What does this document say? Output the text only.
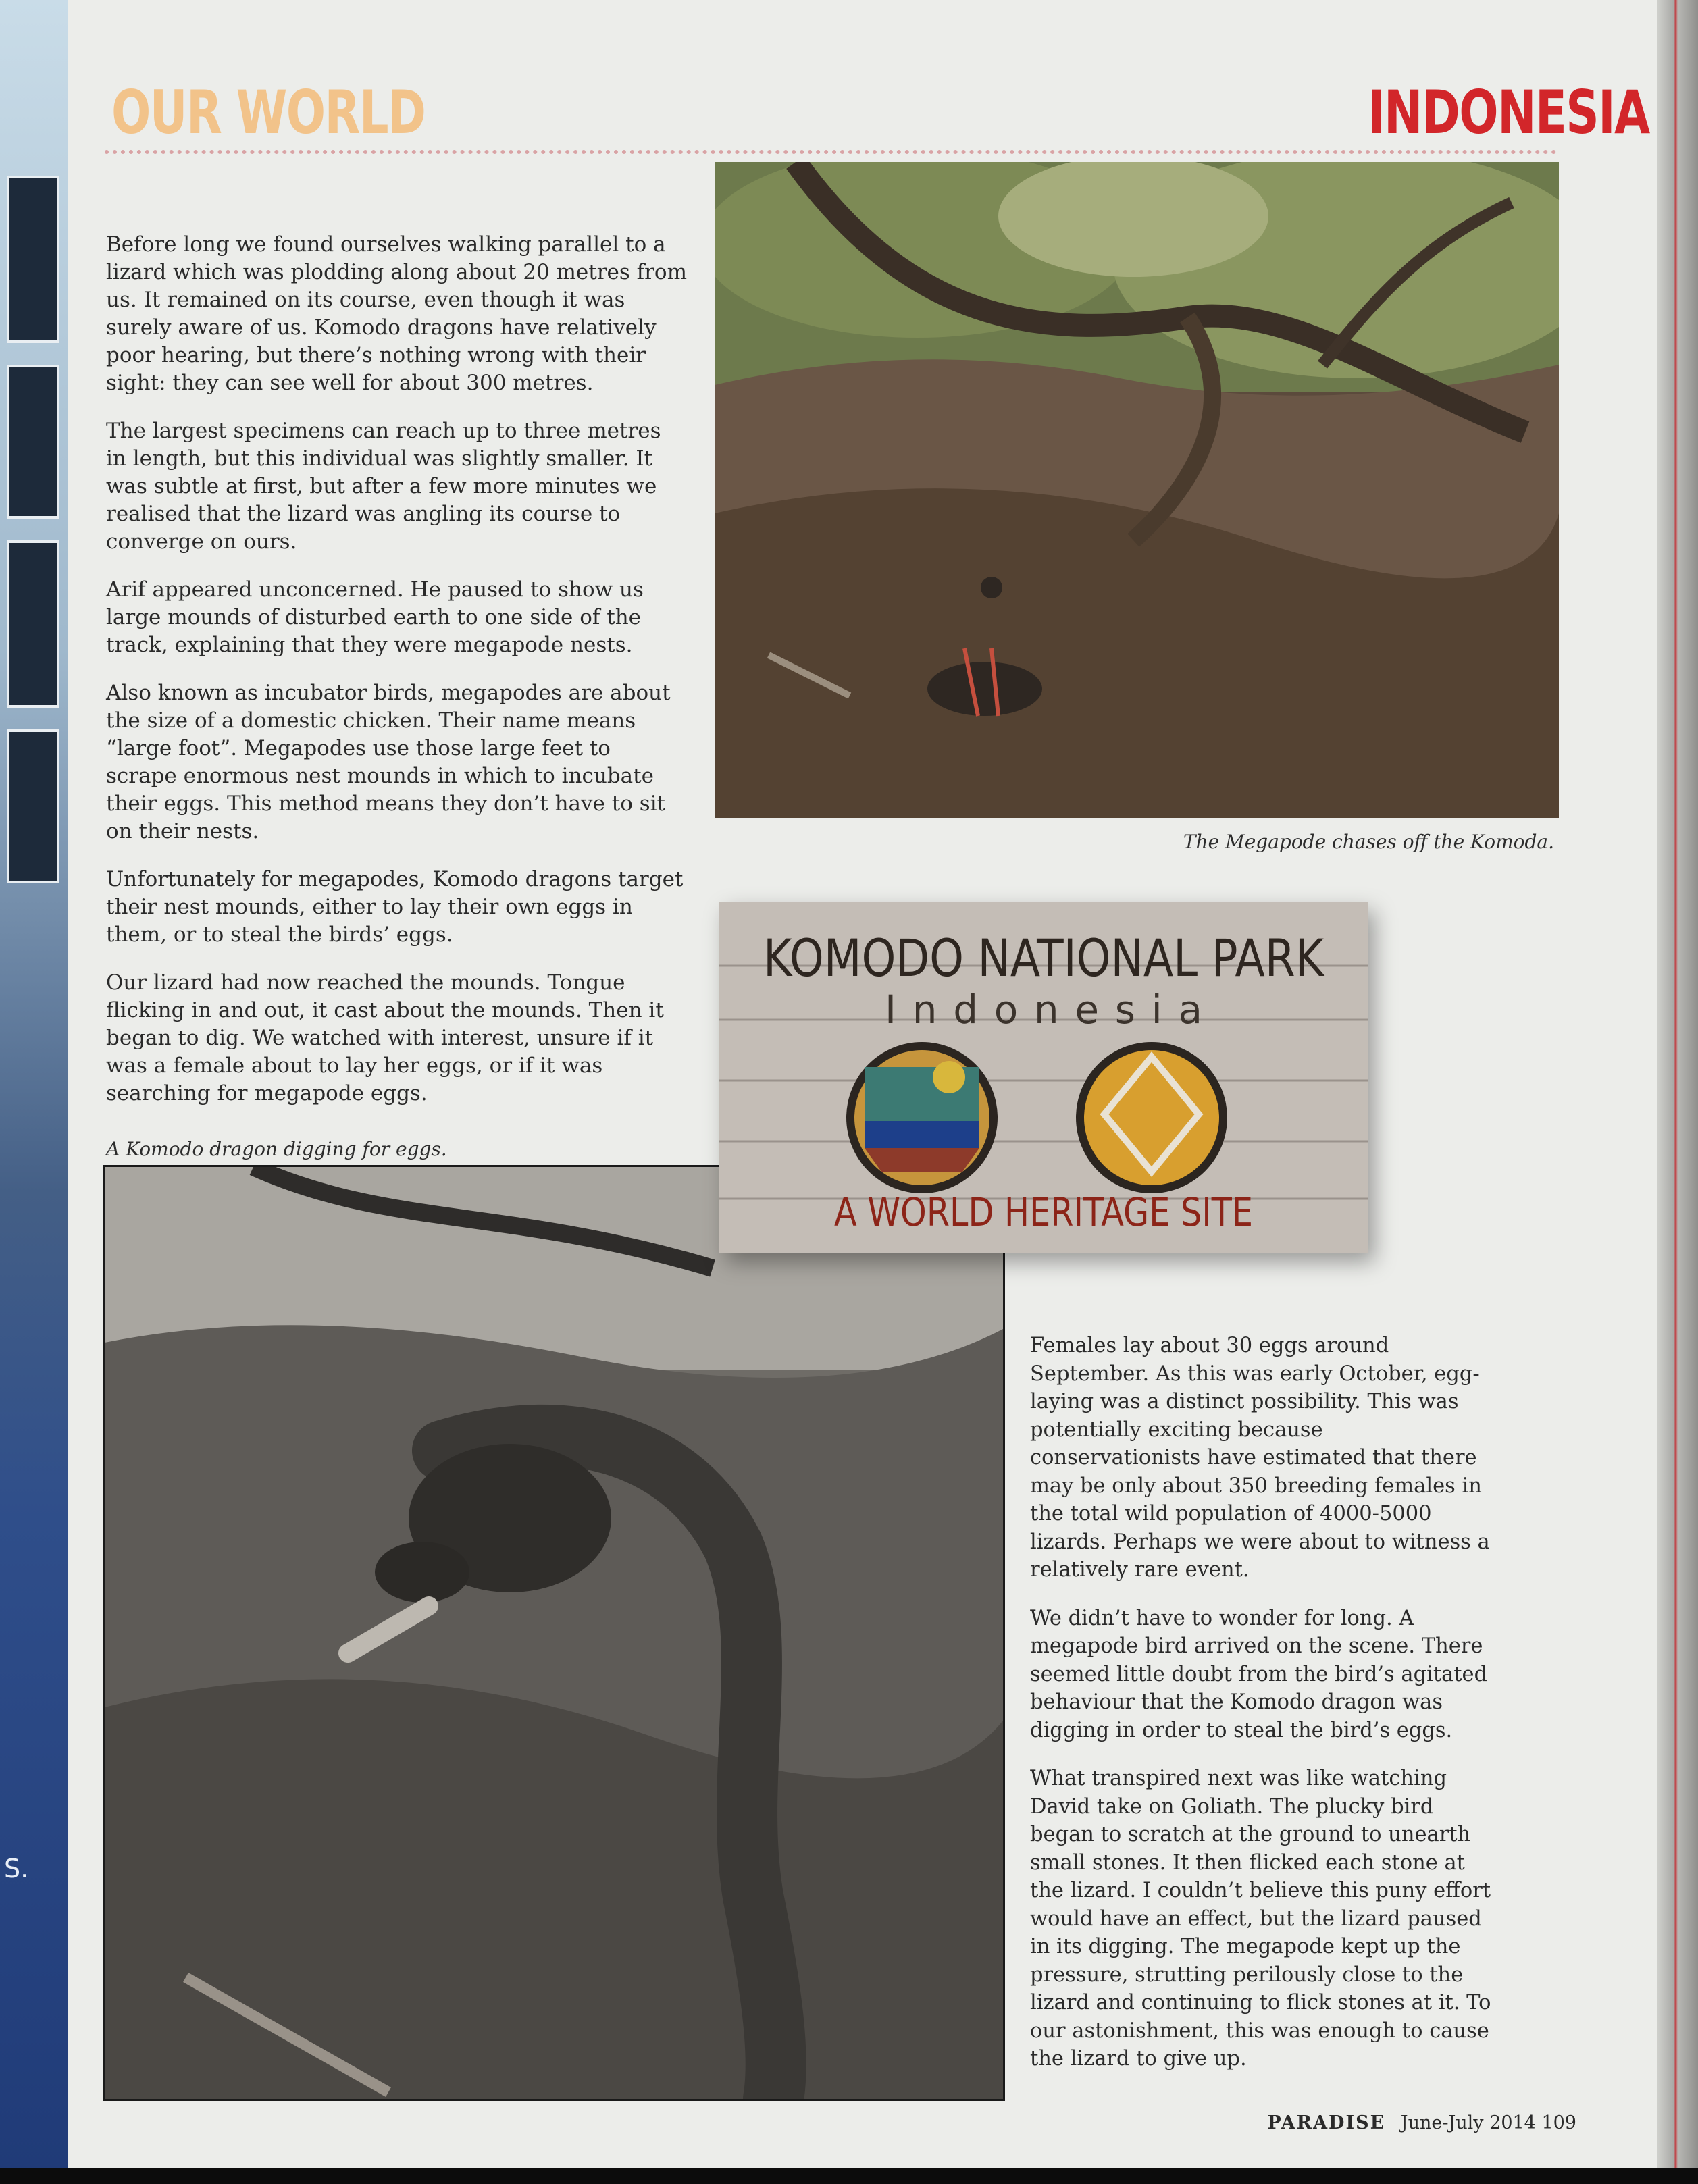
S.
OUR WORLD	INDONESIA

Before long we found ourselves walking parallel to a lizard which was plodding along about 20 metres from us. It remained on its course, even though it was surely aware of us. Komodo dragons have relatively poor hearing, but there’s nothing wrong with their sight: they can see well for about 300 metres.

The largest specimens can reach up to three metres in length, but this individual was slightly smaller. It was subtle at first, but after a few more minutes we realised that the lizard was angling its course to converge on ours.

Arif appeared unconcerned. He paused to show us large mounds of disturbed earth to one side of the track, explaining that they were megapode nests.

Also known as incubator birds, megapodes are about the size of a domestic chicken. Their name means “large foot”. Megapodes use those large feet to scrape enormous nest mounds in which to incubate their eggs. This method means they don’t have to sit on their nests.

Unfortunately for megapodes, Komodo dragons target their nest mounds, either to lay their own eggs in them, or to steal the birds’ eggs.

Our lizard had now reached the mounds. Tongue flicking in and out, it cast about the mounds. Then it began to dig. We watched with interest, unsure if it was a female about to lay her eggs, or if it was searching for megapode eggs.

The Megapode chases off the Komoda.
A Komodo dragon digging for eggs.
KOMODO NATIONAL PARK
I n d o n e s i a
A WORLD HERITAGE SITE

Females lay about 30 eggs around September. As this was early October, egg-laying was a distinct possibility. This was potentially exciting because conservationists have estimated that there may be only about 350 breeding females in the total wild population of 4000-5000 lizards. Perhaps we were about to witness a relatively rare event.

We didn’t have to wonder for long. A megapode bird arrived on the scene. There seemed little doubt from the bird’s agitated behaviour that the Komodo dragon was digging in order to steal the bird’s eggs.

What transpired next was like watching David take on Goliath. The plucky bird began to scratch at the ground to unearth small stones. It then flicked each stone at the lizard. I couldn’t believe this puny effort would have an effect, but the lizard paused in its digging. The megapode kept up the pressure, strutting perilously close to the lizard and continuing to flick stones at it. To our astonishment, this was enough to cause the lizard to give up.

PARADISE June-July 2014 109
